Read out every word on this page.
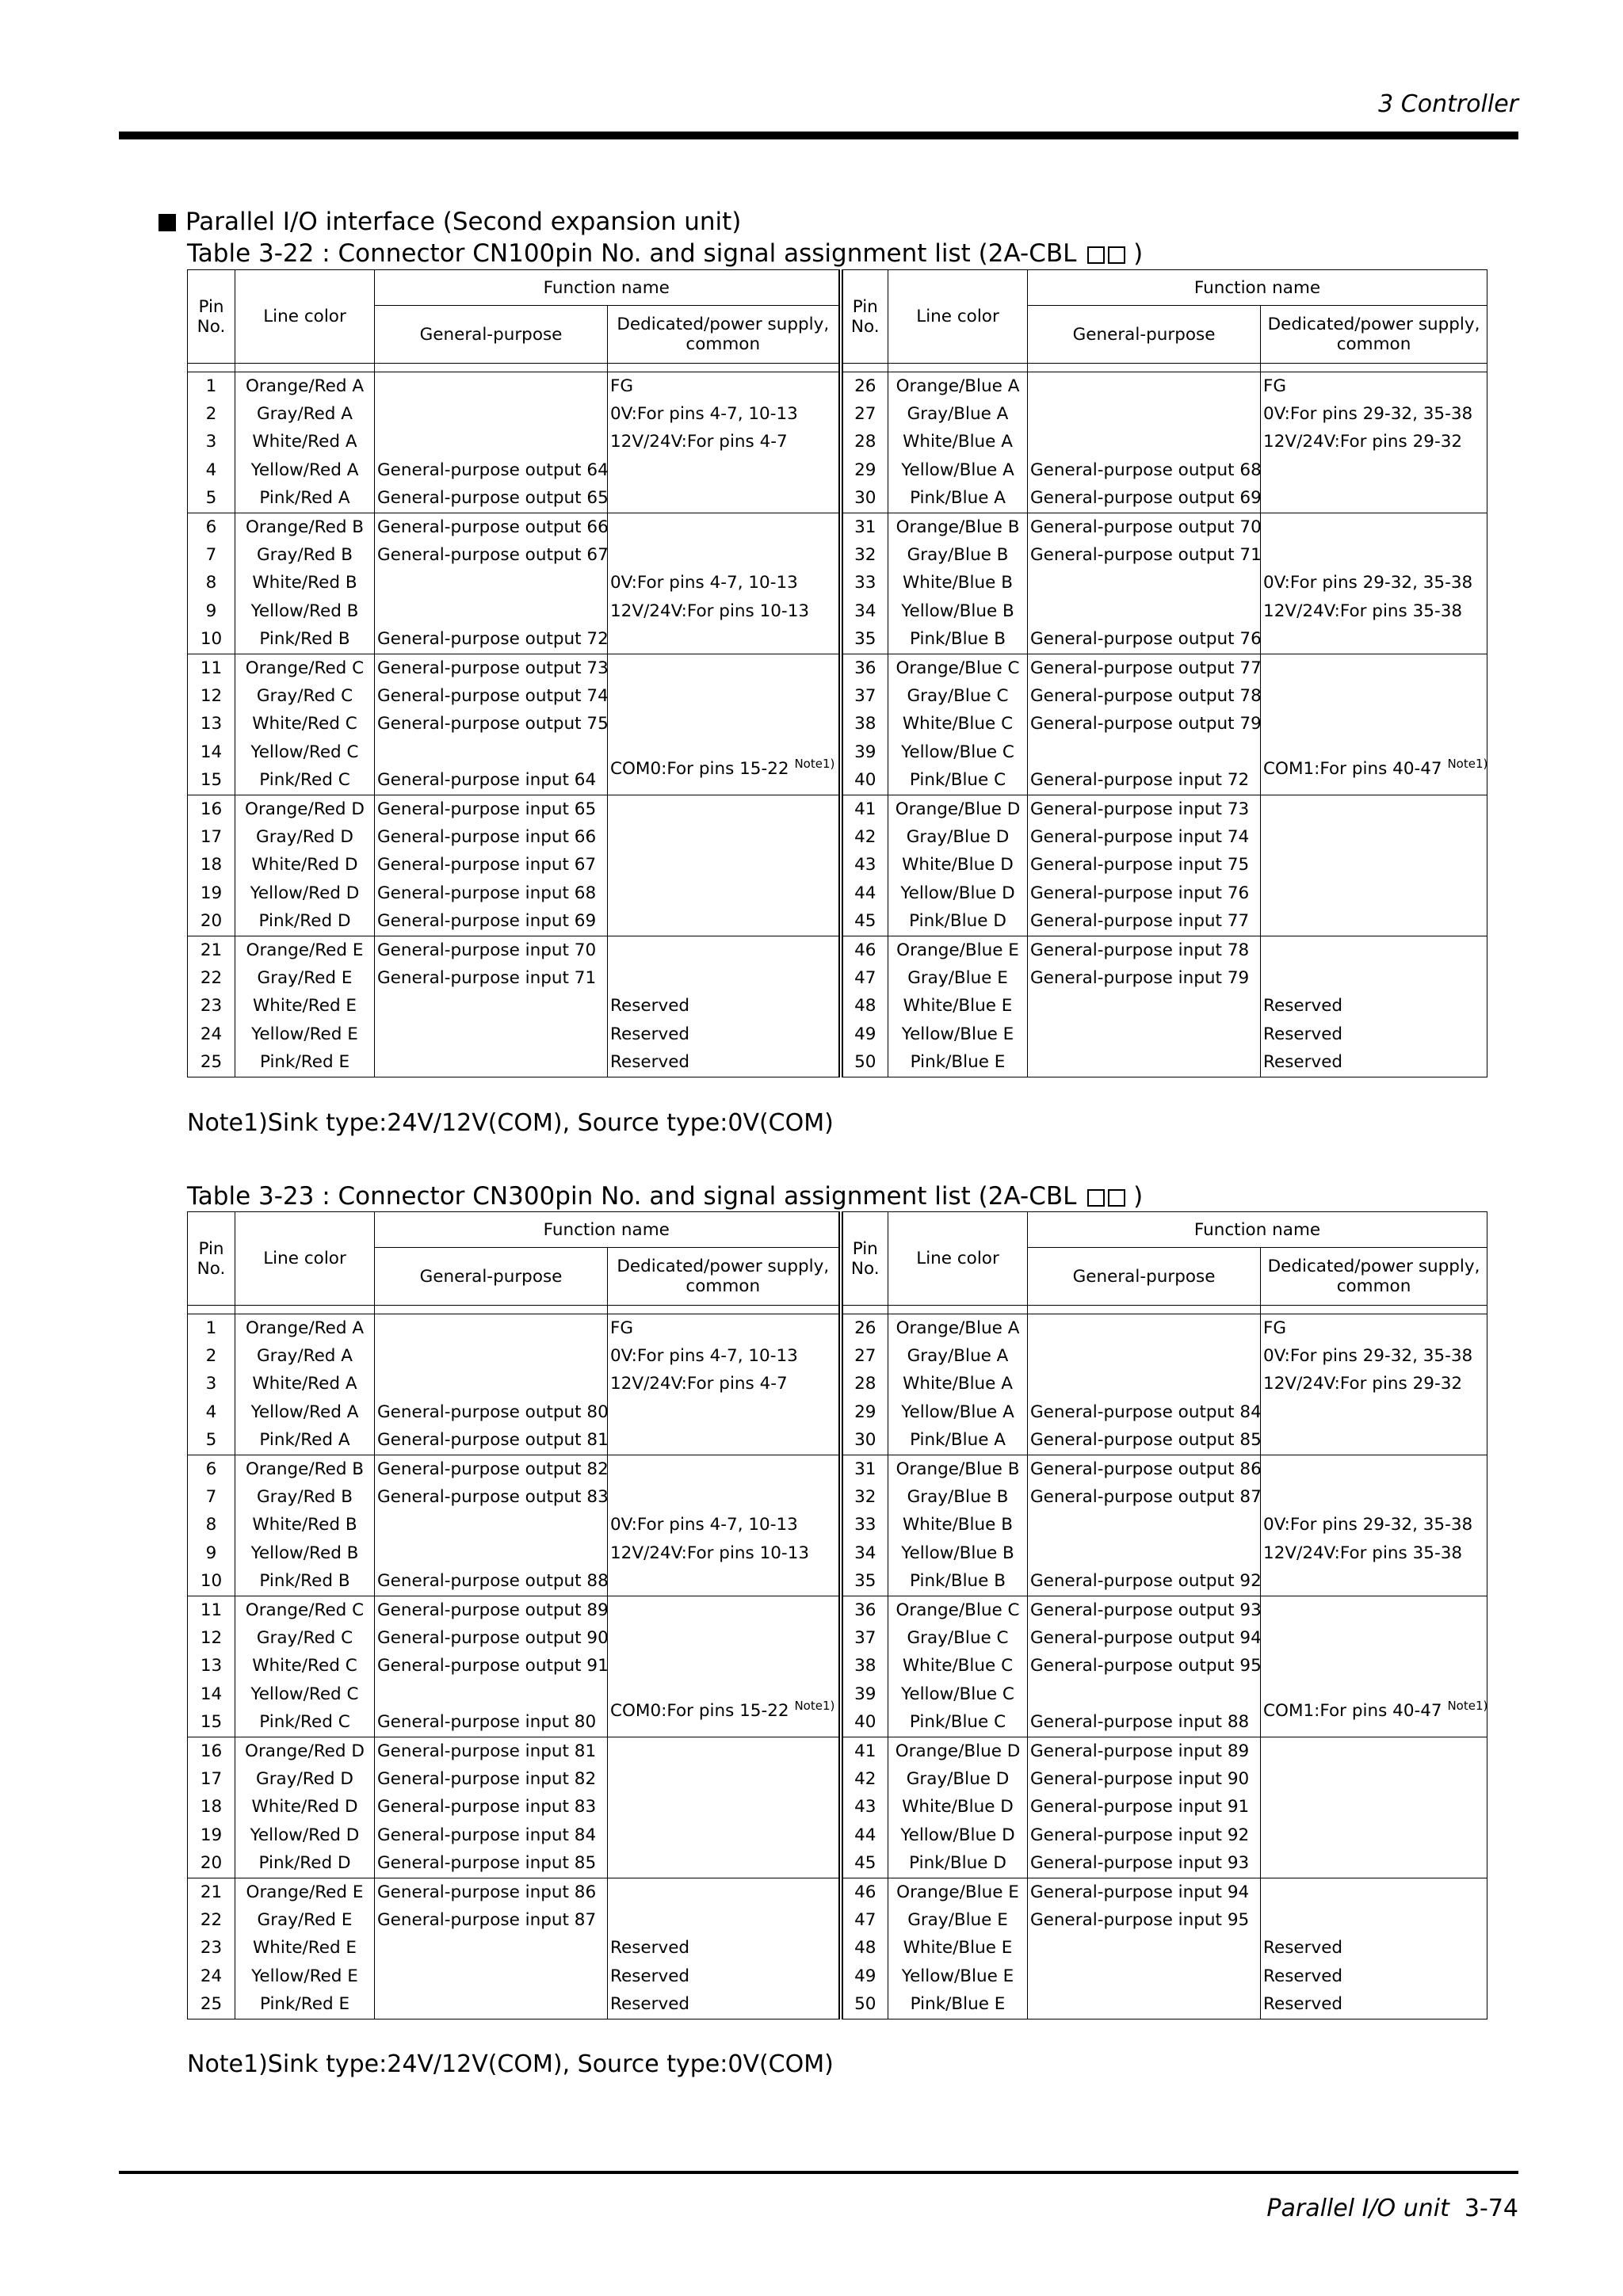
3 Controller
Parallel I/O interface (Second expansion unit)
Table 3-22 : Connector CN100pin No. and signal assignment list (2A-CBL )
Pin No.	Line color	Function name		Pin No.	Line color	Function name	
		General-purpose	Dedicated/power supply, common			General-purpose	Dedicated/power supply, common

1	Orange/Red A		FG	26	Orange/Blue A		FG
2	Gray/Red A		0V:For pins 4-7, 10-13	27	Gray/Blue A		0V:For pins 29-32, 35-38
3	White/Red A		12V/24V:For pins 4-7	28	White/Blue A		12V/24V:For pins 29-32
4	Yellow/Red A	General-purpose output 64		29	Yellow/Blue A	General-purpose output 68	
5	Pink/Red A	General-purpose output 65		30	Pink/Blue A	General-purpose output 69	
6	Orange/Red B	General-purpose output 66		31	Orange/Blue B	General-purpose output 70	
7	Gray/Red B	General-purpose output 67		32	Gray/Blue B	General-purpose output 71	
8	White/Red B		0V:For pins 4-7, 10-13	33	White/Blue B		0V:For pins 29-32, 35-38
9	Yellow/Red B		12V/24V:For pins 10-13	34	Yellow/Blue B		12V/24V:For pins 35-38
10	Pink/Red B	General-purpose output 72		35	Pink/Blue B	General-purpose output 76	
11	Orange/Red C	General-purpose output 73		36	Orange/Blue C	General-purpose output 77	
12	Gray/Red C	General-purpose output 74		37	Gray/Blue C	General-purpose output 78	
13	White/Red C	General-purpose output 75		38	White/Blue C	General-purpose output 79	
14	Yellow/Red C		COM0:For pins 15-22 $^{Note1)}$	39	Yellow/Blue C		COM1:For pins 40-47 $^{Note1)}$
15	Pink/Red C	General-purpose input 64		40	Pink/Blue C	General-purpose input 72	
16	Orange/Red D	General-purpose input 65		41	Orange/Blue D	General-purpose input 73	
17	Gray/Red D	General-purpose input 66		42	Gray/Blue D	General-purpose input 74	
18	White/Red D	General-purpose input 67		43	White/Blue D	General-purpose input 75	
19	Yellow/Red D	General-purpose input 68		44	Yellow/Blue D	General-purpose input 76	
20	Pink/Red D	General-purpose input 69		45	Pink/Blue D	General-purpose input 77	
21	Orange/Red E	General-purpose input 70		46	Orange/Blue E	General-purpose input 78	
22	Gray/Red E	General-purpose input 71		47	Gray/Blue E	General-purpose input 79	
23	White/Red E		Reserved	48	White/Blue E		Reserved
24	Yellow/Red E		Reserved	49	Yellow/Blue E		Reserved
25	Pink/Red E		Reserved	50	Pink/Blue E		Reserved
Note1)Sink type:24V/12V(COM), Source type:0V(COM)
Table 3-23 : Connector CN300pin No. and signal assignment list (2A-CBL )
Pin No.	Line color	Function name		Pin No.	Line color	Function name	
		General-purpose	Dedicated/power supply, common			General-purpose	Dedicated/power supply, common

1	Orange/Red A		FG	26	Orange/Blue A		FG
2	Gray/Red A		0V:For pins 4-7, 10-13	27	Gray/Blue A		0V:For pins 29-32, 35-38
3	White/Red A		12V/24V:For pins 4-7	28	White/Blue A		12V/24V:For pins 29-32
4	Yellow/Red A	General-purpose output 80		29	Yellow/Blue A	General-purpose output 84	
5	Pink/Red A	General-purpose output 81		30	Pink/Blue A	General-purpose output 85	
6	Orange/Red B	General-purpose output 82		31	Orange/Blue B	General-purpose output 86	
7	Gray/Red B	General-purpose output 83		32	Gray/Blue B	General-purpose output 87	
8	White/Red B		0V:For pins 4-7, 10-13	33	White/Blue B		0V:For pins 29-32, 35-38
9	Yellow/Red B		12V/24V:For pins 10-13	34	Yellow/Blue B		12V/24V:For pins 35-38
10	Pink/Red B	General-purpose output 88		35	Pink/Blue B	General-purpose output 92	
11	Orange/Red C	General-purpose output 89		36	Orange/Blue C	General-purpose output 93	
12	Gray/Red C	General-purpose output 90		37	Gray/Blue C	General-purpose output 94	
13	White/Red C	General-purpose output 91		38	White/Blue C	General-purpose output 95	
14	Yellow/Red C		COM0:For pins 15-22 $^{Note1)}$	39	Yellow/Blue C		COM1:For pins 40-47 $^{Note1)}$
15	Pink/Red C	General-purpose input 80		40	Pink/Blue C	General-purpose input 88	
16	Orange/Red D	General-purpose input 81		41	Orange/Blue D	General-purpose input 89	
17	Gray/Red D	General-purpose input 82		42	Gray/Blue D	General-purpose input 90	
18	White/Red D	General-purpose input 83		43	White/Blue D	General-purpose input 91	
19	Yellow/Red D	General-purpose input 84		44	Yellow/Blue D	General-purpose input 92	
20	Pink/Red D	General-purpose input 85		45	Pink/Blue D	General-purpose input 93	
21	Orange/Red E	General-purpose input 86		46	Orange/Blue E	General-purpose input 94	
22	Gray/Red E	General-purpose input 87		47	Gray/Blue E	General-purpose input 95	
23	White/Red E		Reserved	48	White/Blue E		Reserved
24	Yellow/Red E		Reserved	49	Yellow/Blue E		Reserved
25	Pink/Red E		Reserved	50	Pink/Blue E		Reserved
Note1)Sink type:24V/12V(COM), Source type:0V(COM)
Parallel I/O unit 3-74
